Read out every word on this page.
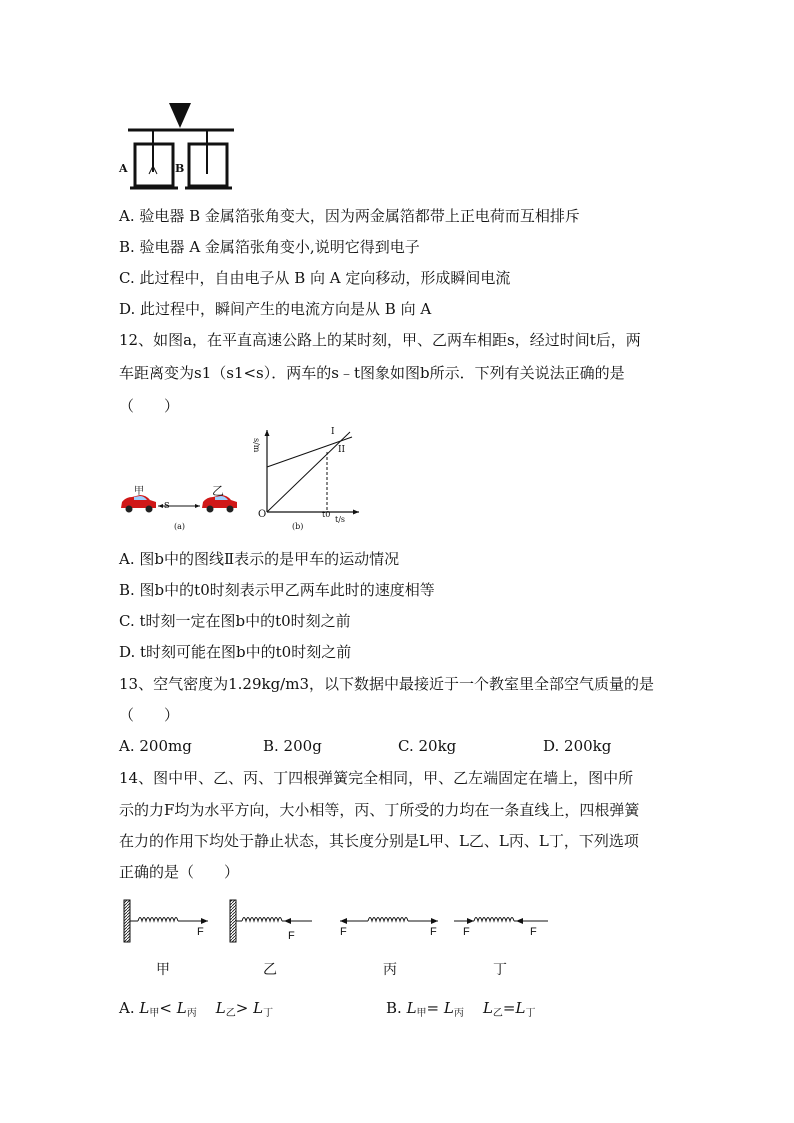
A	B
A. 验电器 B 金属箔张角变大，因为两金属箔都带上正电荷而互相排斥
B. 验电器 A 金属箔张角变小,说明它得到电子
C. 此过程中，自由电子从 B 向 A 定向移动，形成瞬间电流
D. 此过程中，瞬间产生的电流方向是从 B 向 A
12、如图a，在平直高速公路上的某时刻，甲、乙两车相距s，经过时间t后，两
车距离变为s1（s1<s）．两车的s﹣t图象如图b所示．下列有关说法正确的是
（　　）
甲	乙
s
(a)
s/m
I
II
O	t0
t/s
(b)
A. 图b中的图线Ⅱ表示的是甲车的运动情况
B. 图b中的t0时刻表示甲乙两车此时的速度相等
C. t时刻一定在图b中的t0时刻之前
D. t时刻可能在图b中的t0时刻之前
13、空气密度为1.29kg/m3，以下数据中最接近于一个教室里全部空气质量的是
（　　）
A. 200mg	B. 200g	C. 20kg	D. 200kg
14、图中甲、乙、丙、丁四根弹簧完全相同，甲、乙左端固定在墙上，图中所
示的力F均为水平方向，大小相等，丙、丁所受的力均在一条直线上，四根弹簧
在力的作用下均处于静止状态，其长度分别是L甲、L乙、L丙、L丁，下列选项
正确的是（　　）
F	F	F	F F	F
甲	乙	丙	丁
A. $L_甲< L_丙$ $L_乙> L_丁$	B. $L_甲= L_丙$ $L_乙=L_丁$
